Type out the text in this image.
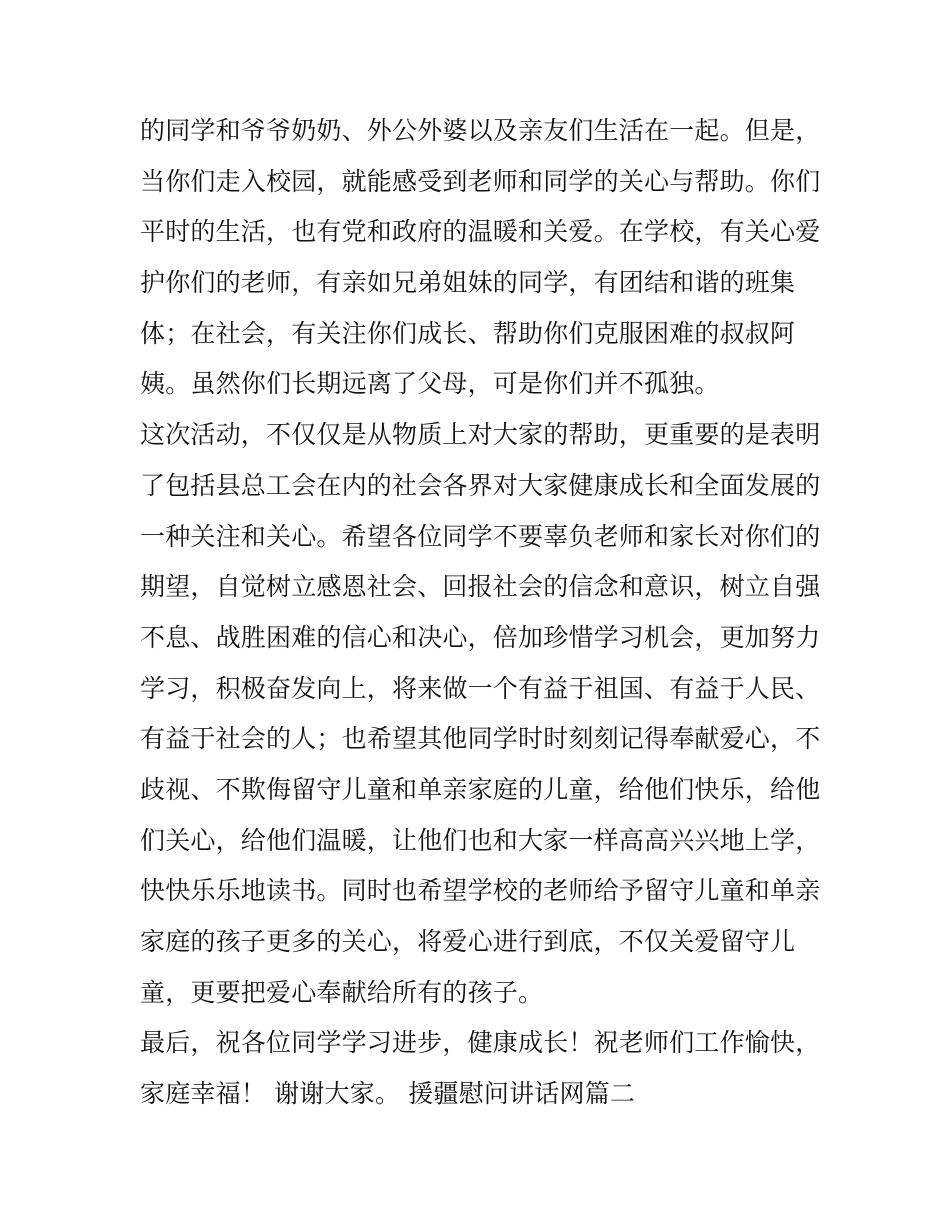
的同学和爷爷奶奶、外公外婆以及亲友们生活在一起。但是，
当你们走入校园，就能感受到老师和同学的关心与帮助。你们
平时的生活，也有党和政府的温暖和关爱。在学校，有关心爱
护你们的老师，有亲如兄弟姐妹的同学，有团结和谐的班集
体；在社会，有关注你们成长、帮助你们克服困难的叔叔阿
姨。虽然你们长期远离了父母，可是你们并不孤独。
这次活动，不仅仅是从物质上对大家的帮助，更重要的是表明
了包括县总工会在内的社会各界对大家健康成长和全面发展的
一种关注和关心。希望各位同学不要辜负老师和家长对你们的
期望，自觉树立感恩社会、回报社会的信念和意识，树立自强
不息、战胜困难的信心和决心，倍加珍惜学习机会，更加努力
学习，积极奋发向上，将来做一个有益于祖国、有益于人民、
有益于社会的人；也希望其他同学时时刻刻记得奉献爱心，不
歧视、不欺侮留守儿童和单亲家庭的儿童，给他们快乐，给他
们关心，给他们温暖，让他们也和大家一样高高兴兴地上学，
快快乐乐地读书。同时也希望学校的老师给予留守儿童和单亲
家庭的孩子更多的关心，将爱心进行到底，不仅关爱留守儿
童，更要把爱心奉献给所有的孩子。
最后，祝各位同学学习进步，健康成长！祝老师们工作愉快，
家庭幸福！ 谢谢大家。 援疆慰问讲话网篇二
